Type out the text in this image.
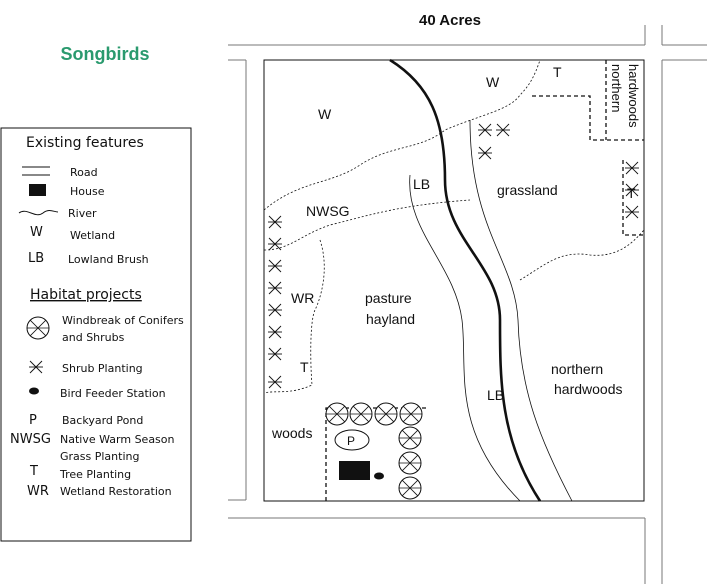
W
W
T	northern hardwoods
LB	grassland	T
NWSG
WR	pasture
hayland
T	northern
hardwoods
LB
woods	P
Existing features
Road
House
River
W Wetland
LB Lowland Brush
Habitat projects
Windbreak of Conifers
and Shrubs
Shrub Planting
Bird Feeder Station
P Backyard Pond
NWSG Native Warm Season
Grass Planting
T Tree Planting
WR Wetland Restoration
40 Acres
Songbirds
